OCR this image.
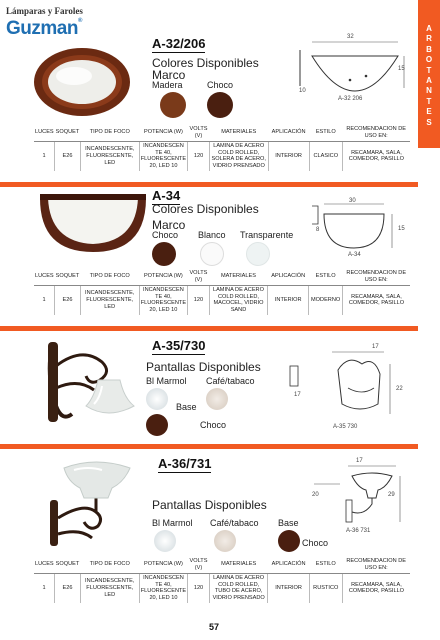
Lámparas y Faroles
Guzman®
A
R
B
O
T
A
N
T
E
S
A-32/206
Colores Disponibles
Marco
Madera	Choco
32
15
10
A-32 206
LUCES	SOQUET	TIPO DE FOCO	POTENCIA (W)	VOLTS (V)	MATERIALES	APLICACIÓN	ESTILO	RECOMENDACION DE USO EN:
1	E26	INCANDESCENTE, FLUORESCENTE, LED	INCANDESCEN TE 40, FLUORESCENTE 20, LED 10	120	LAMINA DE ACERO COLD ROLLED, SOLERA DE ACERO, VIDRIO PRENSADO	INTERIOR	CLASICO	RECAMARA, SALA, COMEDOR, PASILLO
A-34
Colores Disponibles
Marco
Choco Blanco Transparente
30
15
8
A-34
LUCES	SOQUET	TIPO DE FOCO	POTENCIA (W)	VOLTS (V)	MATERIALES	APLICACIÓN	ESTILO	RECOMENDACION DE USO EN:
1	E26	INCANDESCENTE, FLUORESCENTE, LED	INCANDESCEN TE 40, FLUORESCENTE 20, LED 10	120	LAMINA DE ACERO COLD ROLLED, MACOCEL, VIDRIO SAND	INTERIOR	MODERNO	RECAMARA, SALA, COMEDOR, PASILLO
A-35/730
Pantallas Disponibles
Bl Marmol Café/tabaco
Base
Choco
17
22
17
A-35 730
A-36/731
Pantallas Disponibles
Bl Marmol Café/tabaco Base
Choco
17
29
20
A-36 731
LUCES	SOQUET	TIPO DE FOCO	POTENCIA (W)	VOLTS (V)	MATERIALES	APLICACIÓN	ESTILO	RECOMENDACION DE USO EN:
1	E26	INCANDESCENTE, FLUORESCENTE, LED	INCANDESCEN TE 40, FLUORESCENTE 20, LED 10	120	LAMINA DE ACERO COLD ROLLED, TUBO DE ACERO, VIDRIO PRENSADO	INTERIOR	RUSTICO	RECAMARA, SALA, COMEDOR, PASILLO
57
